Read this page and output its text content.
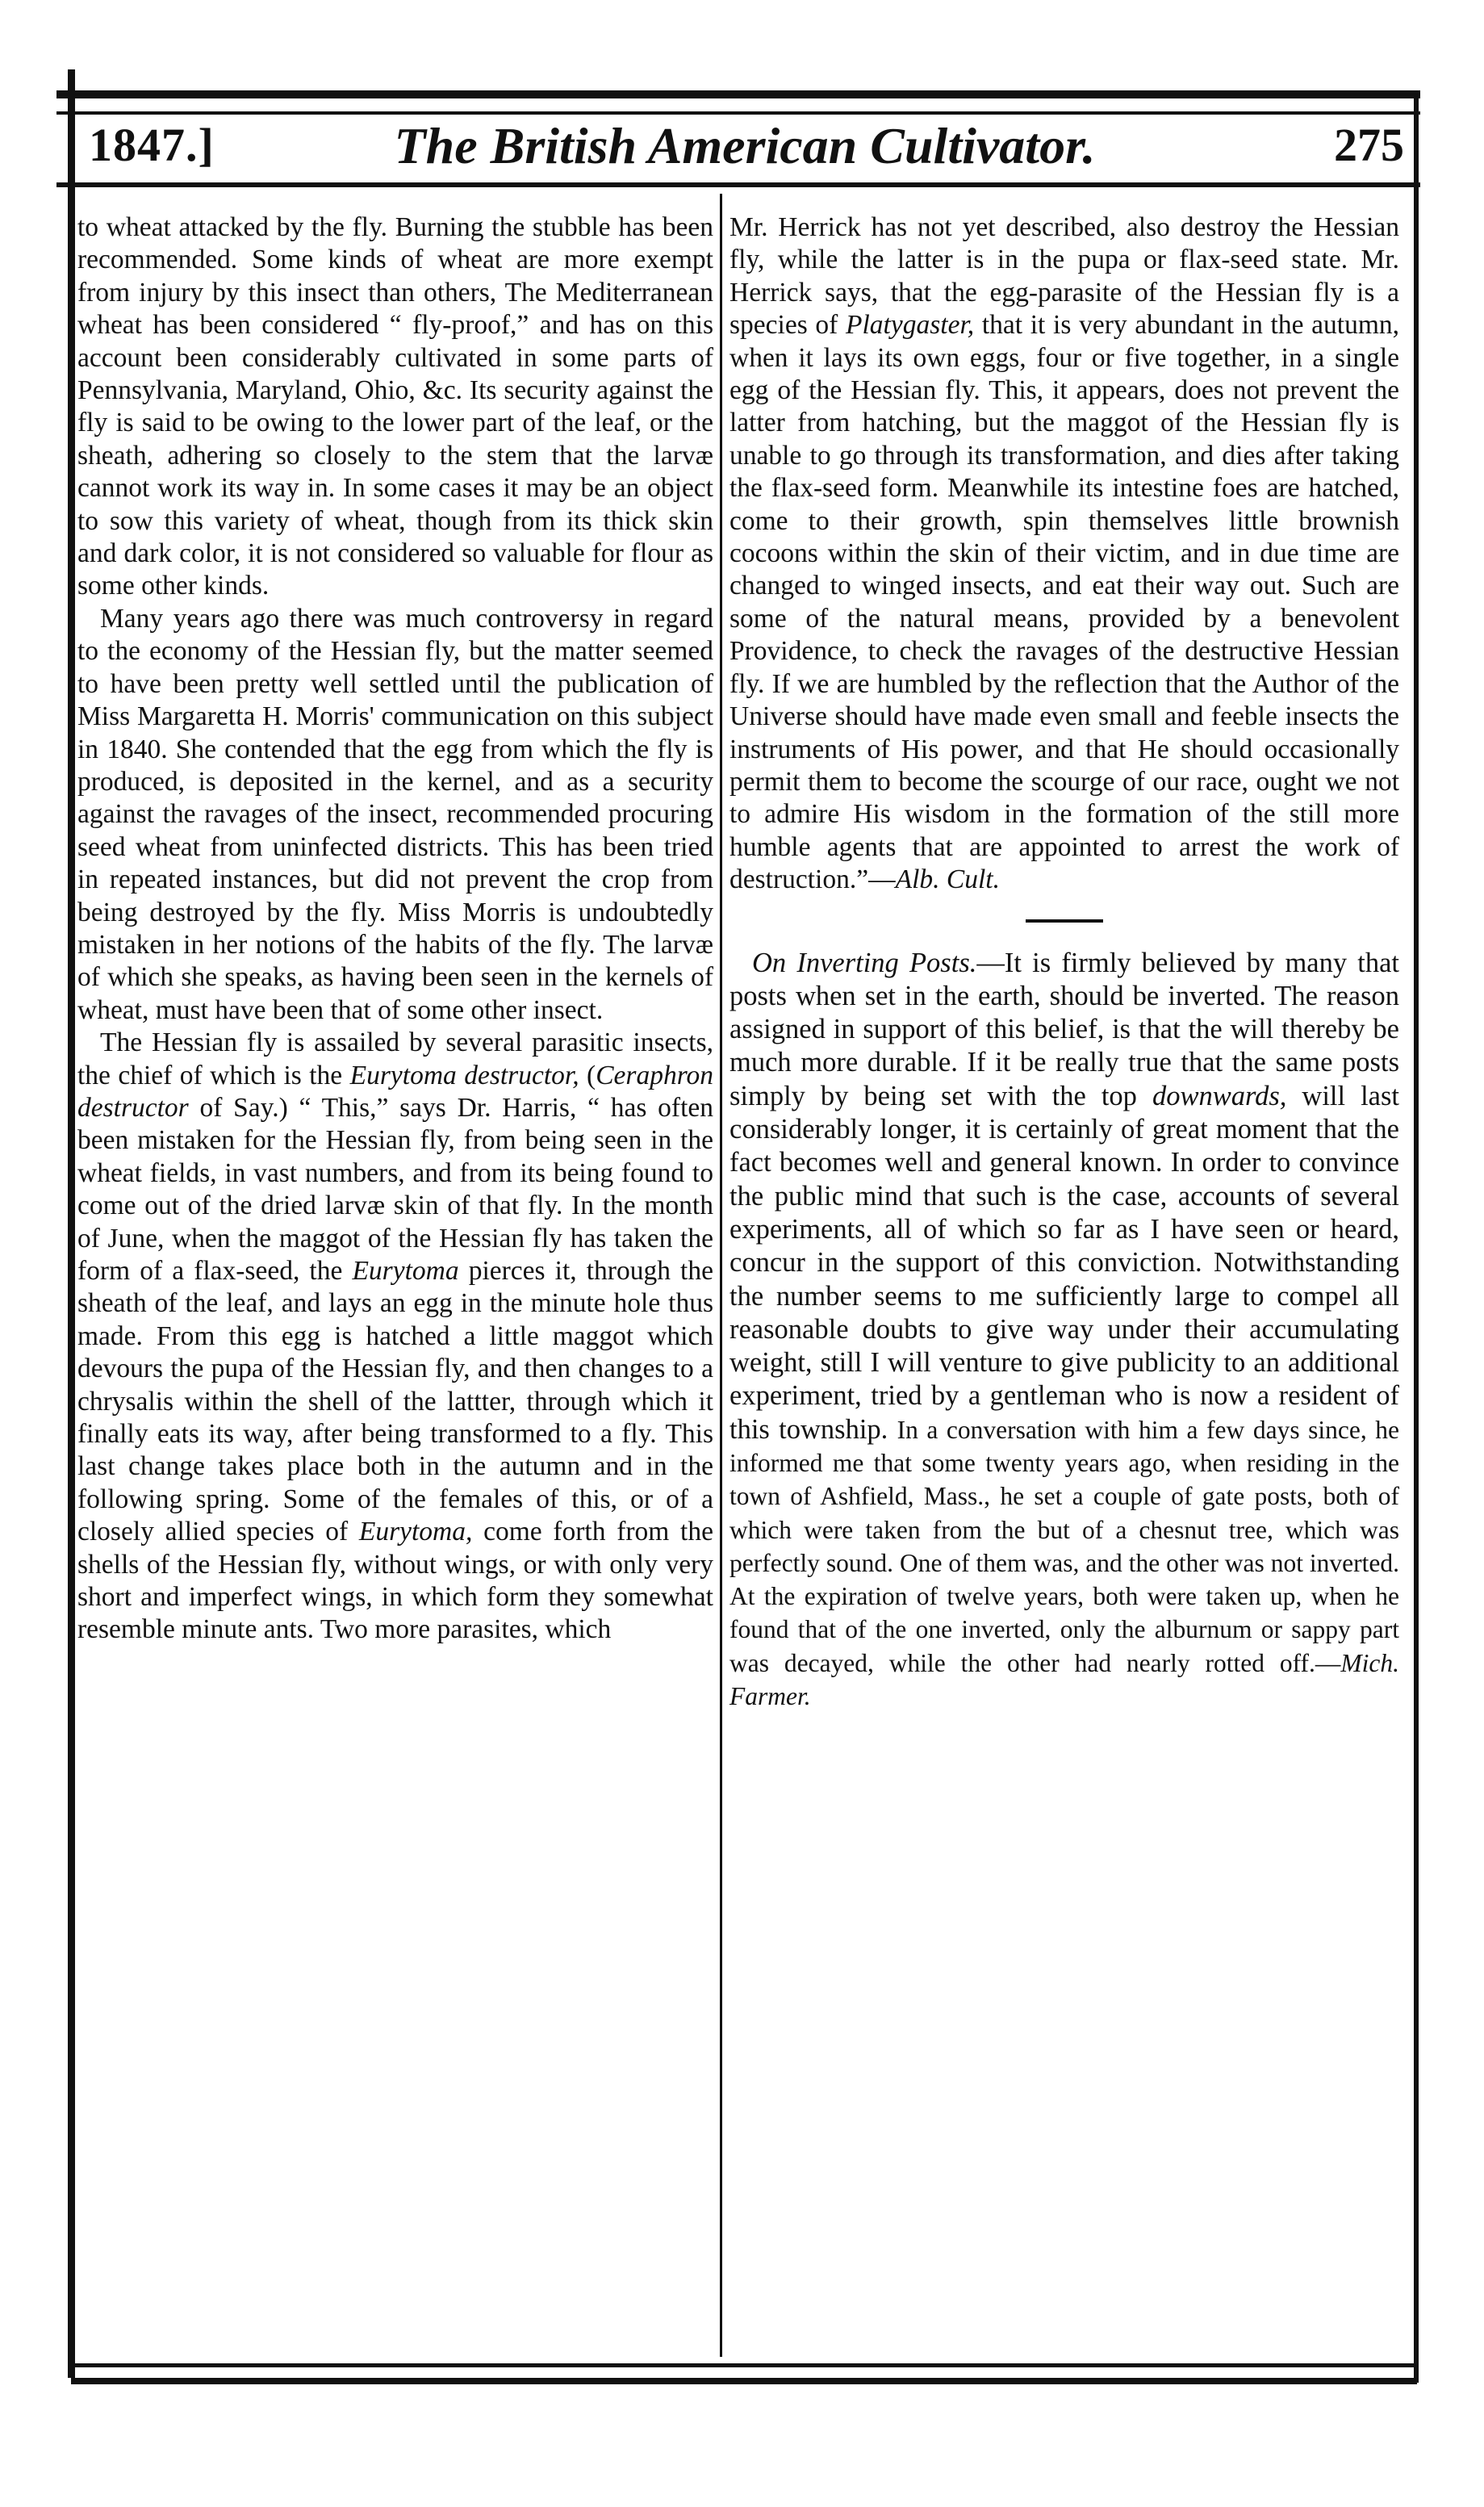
1847.]	The British American Cultivator.	275

to wheat attacked by the fly. Burning the stubble has been recommended. Some kinds of wheat are more exempt from injury by this insect than others, The Mediterranean wheat has been considered “ fly-proof,” and has on this account been considerably cultivated in some parts of Pennsylvania, Maryland, Ohio, &c. Its security against the fly is said to be owing to the lower part of the leaf, or the sheath, adhering so closely to the stem that the larvæ cannot work its way in. In some cases it may be an object to sow this variety of wheat, though from its thick skin and dark color, it is not considered so valuable for flour as some other kinds.

Many years ago there was much controversy in regard to the economy of the Hessian fly, but the matter seemed to have been pretty well settled until the publication of Miss Margaretta H. Morris' communication on this subject in 1840. She contended that the egg from which the fly is produced, is deposited in the kernel, and as a security against the ravages of the insect, recommended procuring seed wheat from uninfected districts. This has been tried in repeated instances, but did not prevent the crop from being destroyed by the fly. Miss Morris is undoubtedly mistaken in her notions of the habits of the fly. The larvæ of which she speaks, as having been seen in the kernels of wheat, must have been that of some other insect.

The Hessian fly is assailed by several parasitic insects, the chief of which is the Eurytoma destructor, (Ceraphron destructor of Say.) “ This,” says Dr. Harris, “ has often been mistaken for the Hessian fly, from being seen in the wheat fields, in vast numbers, and from its being found to come out of the dried larvæ skin of that fly. In the month of June, when the maggot of the Hessian fly has taken the form of a flax-seed, the Eurytoma pierces it, through the sheath of the leaf, and lays an egg in the minute hole thus made. From this egg is hatched a little maggot which devours the pupa of the Hessian fly, and then changes to a chrysalis within the shell of the lattter, through which it finally eats its way, after being transformed to a fly. This last change takes place both in the autumn and in the following spring. Some of the females of this, or of a closely allied species of Eurytoma, come forth from the shells of the Hessian fly, without wings, or with only very short and imperfect wings, in which form they somewhat resemble minute ants. Two more parasites, which

Mr. Herrick has not yet described, also destroy the Hessian fly, while the latter is in the pupa or flax-seed state. Mr. Herrick says, that the egg-parasite of the Hessian fly is a species of Platygaster, that it is very abundant in the autumn, when it lays its own eggs, four or five together, in a single egg of the Hessian fly. This, it appears, does not prevent the latter from hatching, but the maggot of the Hessian fly is unable to go through its transformation, and dies after taking the flax-seed form. Meanwhile its intestine foes are hatched, come to their growth, spin themselves little brownish cocoons within the skin of their victim, and in due time are changed to winged insects, and eat their way out. Such are some of the natural means, provided by a benevolent Providence, to check the ravages of the destructive Hessian fly. If we are humbled by the reflection that the Author of the Universe should have made even small and feeble insects the instruments of His power, and that He should occasionally permit them to become the scourge of our race, ought we not to admire His wisdom in the formation of the still more humble agents that are appointed to arrest the work of destruction.”—Alb. Cult.

On Inverting Posts.—It is firmly believed by many that posts when set in the earth, should be inverted. The reason assigned in support of this belief, is that the will thereby be much more durable. If it be really true that the same posts simply by being set with the top downwards, will last considerably longer, it is certainly of great moment that the fact becomes well and general known. In order to convince the public mind that such is the case, accounts of several experiments, all of which so far as I have seen or heard, concur in the support of this conviction. Notwithstanding the number seems to me sufficiently large to compel all reasonable doubts to give way under their accumulating weight, still I will venture to give publicity to an additional experiment, tried by a gentleman who is now a resident of this township. In a conversation with him a few days since, he informed me that some twenty years ago, when residing in the town of Ashfield, Mass., he set a couple of gate posts, both of which were taken from the but of a chesnut tree, which was perfectly sound. One of them was, and the other was not inverted. At the expiration of twelve years, both were taken up, when he found that of the one inverted, only the alburnum or sappy part was decayed, while the other had nearly rotted off.—Mich. Farmer.
